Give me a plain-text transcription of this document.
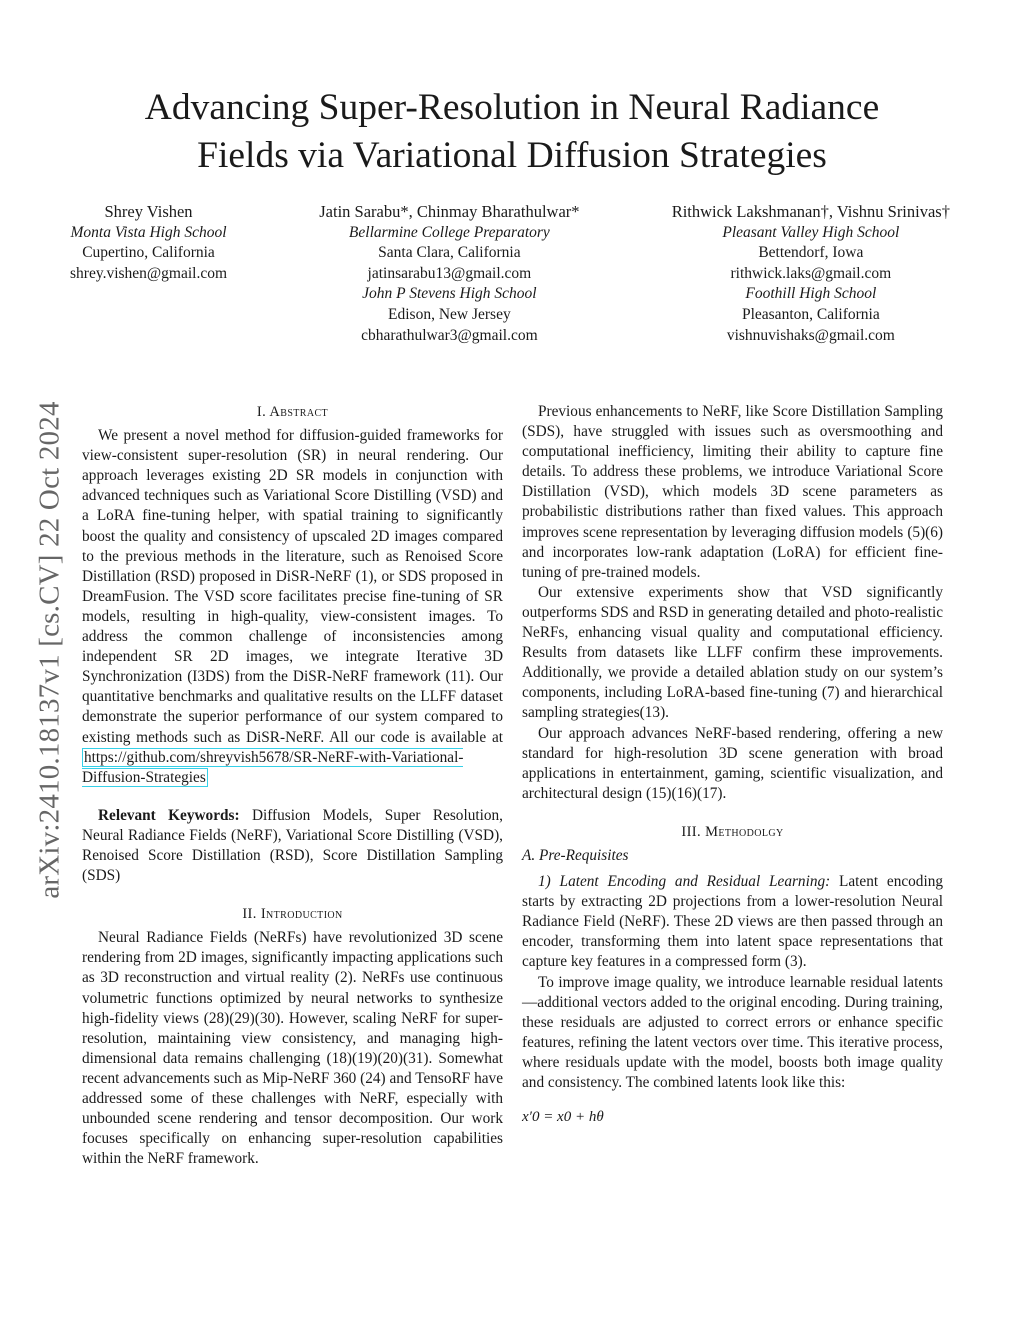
arXiv:2410.18137v1 [cs.CV] 22 Oct 2024
Advancing Super-Resolution in Neural Radiance
Fields via Variational Diffusion Strategies
Shrey Vishen
Monta Vista High School
Cupertino, California
shrey.vishen@gmail.com
Jatin Sarabu*, Chinmay Bharathulwar*
Bellarmine College Preparatory
Santa Clara, California
jatinsarabu13@gmail.com
John P Stevens High School
Edison, New Jersey
cbharathulwar3@gmail.com
Rithwick Lakshmanan†, Vishnu Srinivas†
Pleasant Valley High School
Bettendorf, Iowa
rithwick.laks@gmail.com
Foothill High School
Pleasanton, California
vishnuvishaks@gmail.com
I. Abstract

We present a novel method for diffusion-guided frameworks for view-consistent super-resolution (SR) in neural rendering. Our approach leverages existing 2D SR models in conjunction with advanced techniques such as Variational Score Distilling (VSD) and a LoRA fine-tuning helper, with spatial training to significantly boost the quality and consistency of upscaled 2D images compared to the previous methods in the literature, such as Renoised Score Distillation (RSD) proposed in DiSR-NeRF (1), or SDS proposed in DreamFusion. The VSD score facilitates precise fine-tuning of SR models, resulting in high-quality, view-consistent images. To address the common challenge of inconsistencies among independent SR 2D images, we integrate Iterative 3D Synchronization (I3DS) from the DiSR-NeRF framework (11). Our quantitative benchmarks and qualitative results on the LLFF dataset demonstrate the superior performance of our system compared to existing methods such as DiSR-NeRF. All our code is available at https://github.com/shreyvish5678/SR-NeRF-with-Variational-Diffusion-Strategies

Relevant Keywords: Diffusion Models, Super Resolution, Neural Radiance Fields (NeRF), Variational Score Distilling (VSD), Renoised Score Distillation (RSD), Score Distillation Sampling (SDS)

II. Introduction

Neural Radiance Fields (NeRFs) have revolutionized 3D scene rendering from 2D images, significantly impacting applications such as 3D reconstruction and virtual reality (2). NeRFs use continuous volumetric functions optimized by neural networks to synthesize high-fidelity views (28)(29)(30). However, scaling NeRF for super-resolution, maintaining view consistency, and managing high-dimensional data remains challenging (18)(19)(20)(31). Somewhat recent advancements such as Mip-NeRF 360 (24) and TensoRF have addressed some of these challenges with NeRF, especially with unbounded scene rendering and tensor decomposition. Our work focuses specifically on enhancing super-resolution capabilities within the NeRF framework.

Previous enhancements to NeRF, like Score Distillation Sampling (SDS), have struggled with issues such as oversmoothing and computational inefficiency, limiting their ability to capture fine details. To address these problems, we introduce Variational Score Distillation (VSD), which models 3D scene parameters as probabilistic distributions rather than fixed values. This approach improves scene representation by leveraging diffusion models (5)(6) and incorporates low-rank adaptation (LoRA) for efficient fine-tuning of pre-trained models.

Our extensive experiments show that VSD significantly outperforms SDS and RSD in generating detailed and photo-realistic NeRFs, enhancing visual quality and computational efficiency. Results from datasets like LLFF confirm these improvements. Additionally, we provide a detailed ablation study on our system’s components, including LoRA-based fine-tuning (7) and hierarchical sampling strategies(13).

Our approach advances NeRF-based rendering, offering a new standard for high-resolution 3D scene generation with broad applications in entertainment, gaming, scientific visualization, and architectural design (15)(16)(17).

III. Methodolgy

A. Pre-Requisites

1) Latent Encoding and Residual Learning: Latent encoding starts by extracting 2D projections from a lower-resolution Neural Radiance Field (NeRF). These 2D views are then passed through an encoder, transforming them into latent space representations that capture key features in a compressed form (3).

To improve image quality, we introduce learnable residual latents—additional vectors added to the original encoding. During training, these residuals are adjusted to correct errors or enhance specific features, refining the latent vectors over time. This iterative process, where residuals update with the model, boosts both image quality and consistency. The combined latents look like this:

x′0 = x0 + hθ
